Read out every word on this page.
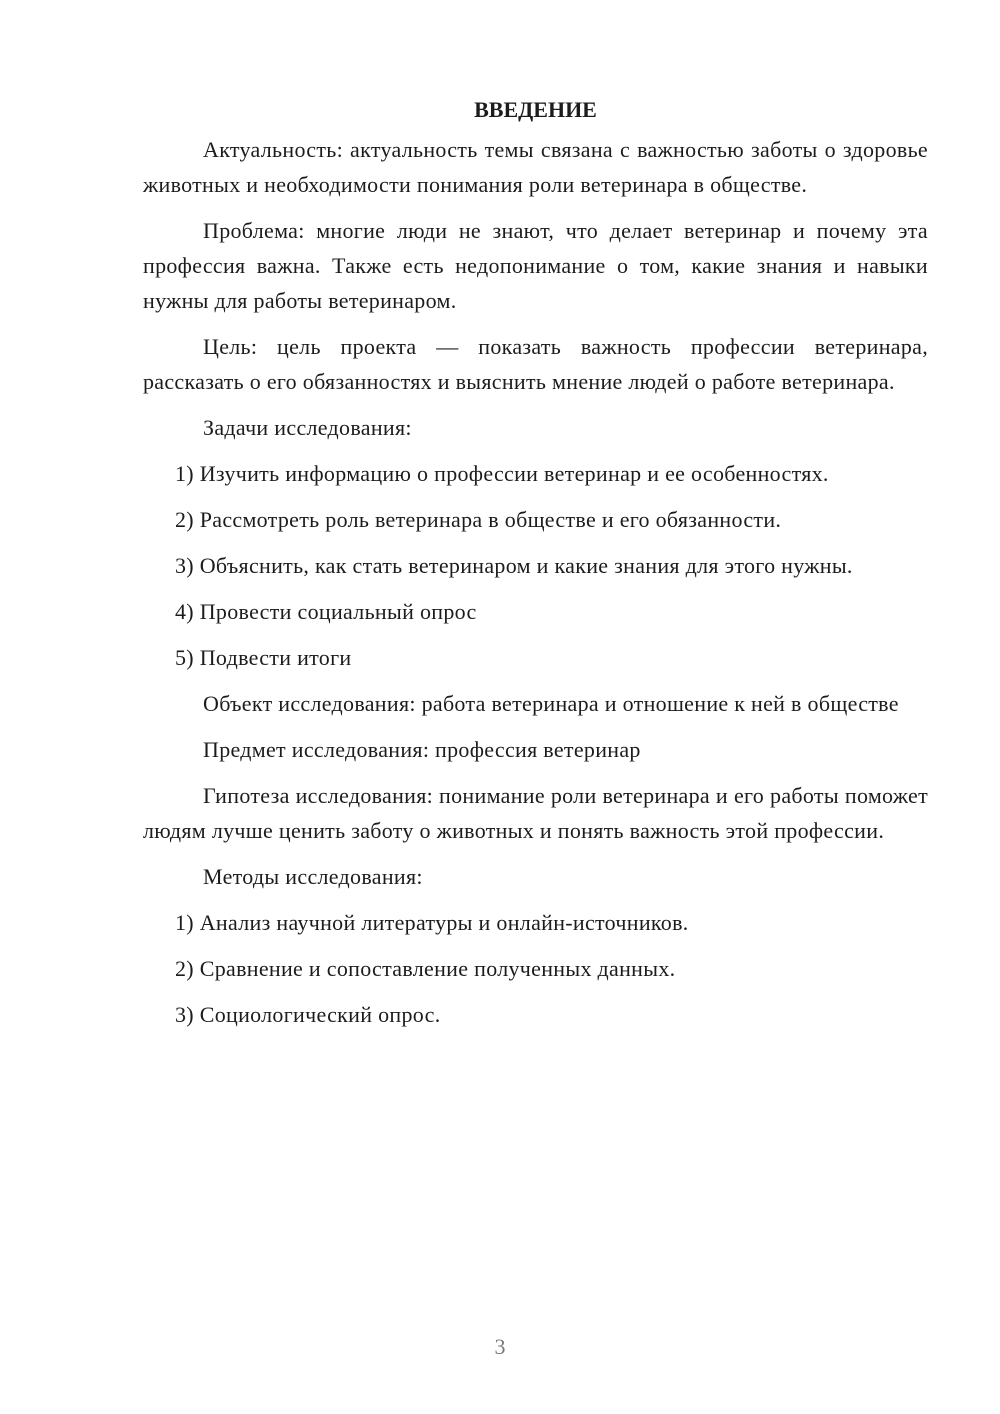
ВВЕДЕНИЕ

Актуальность: актуальность темы связана с важностью заботы о здоровье животных и необходимости понимания роли ветеринара в обществе.

Проблема: многие люди не знают, что делает ветеринар и почему эта профессия важна. Также есть недопонимание о том, какие знания и навыки нужны для работы ветеринаром.

Цель: цель проекта — показать важность профессии ветеринара, рассказать о его обязанностях и выяснить мнение людей о работе ветеринара.

Задачи исследования:

1) Изучить информацию о профессии ветеринар и ее особенностях.
2) Рассмотреть роль ветеринара в обществе и его обязанности.
3) Объяснить, как стать ветеринаром и какие знания для этого нужны.
4) Провести социальный опрос
5) Подвести итоги

Объект исследования: работа ветеринара и отношение к ней в обществе

Предмет исследования: профессия ветеринар

Гипотеза исследования: понимание роли ветеринара и его работы поможет людям лучше ценить заботу о животных и понять важность этой профессии.

Методы исследования:

1) Анализ научной литературы и онлайн-источников.
2) Сравнение и сопоставление полученных данных.
3) Социологический опрос.
3
